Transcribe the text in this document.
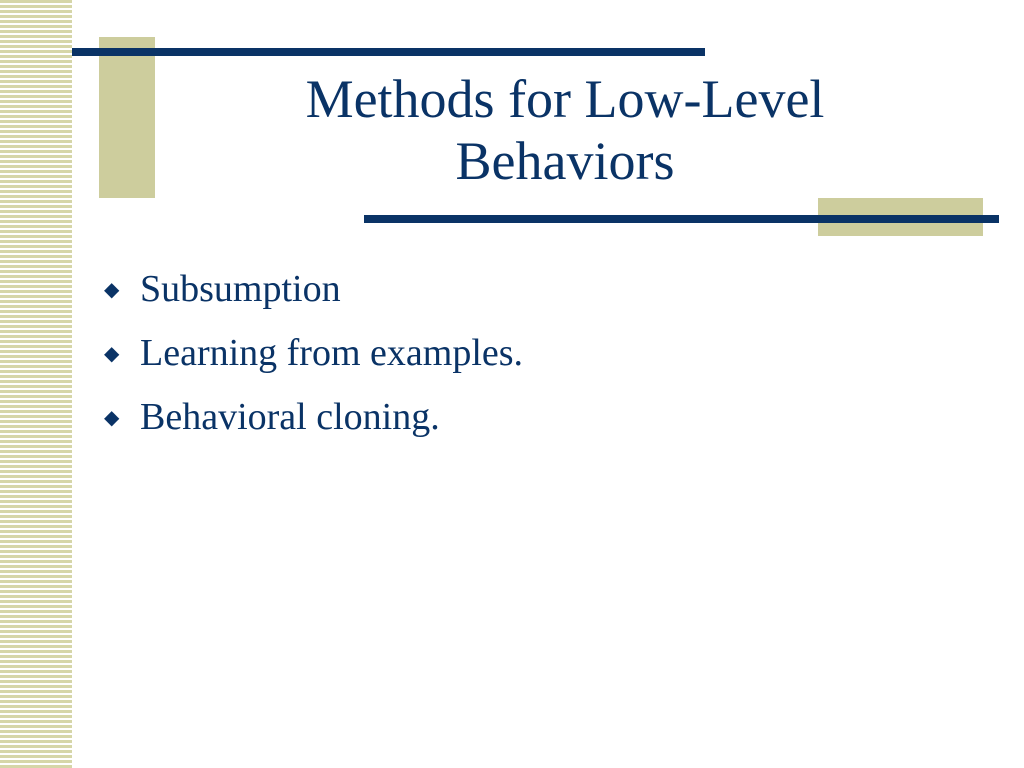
Methods for Low-Level
Behaviors
◆ Subsumption
◆ Learning from examples.
◆ Behavioral cloning.
